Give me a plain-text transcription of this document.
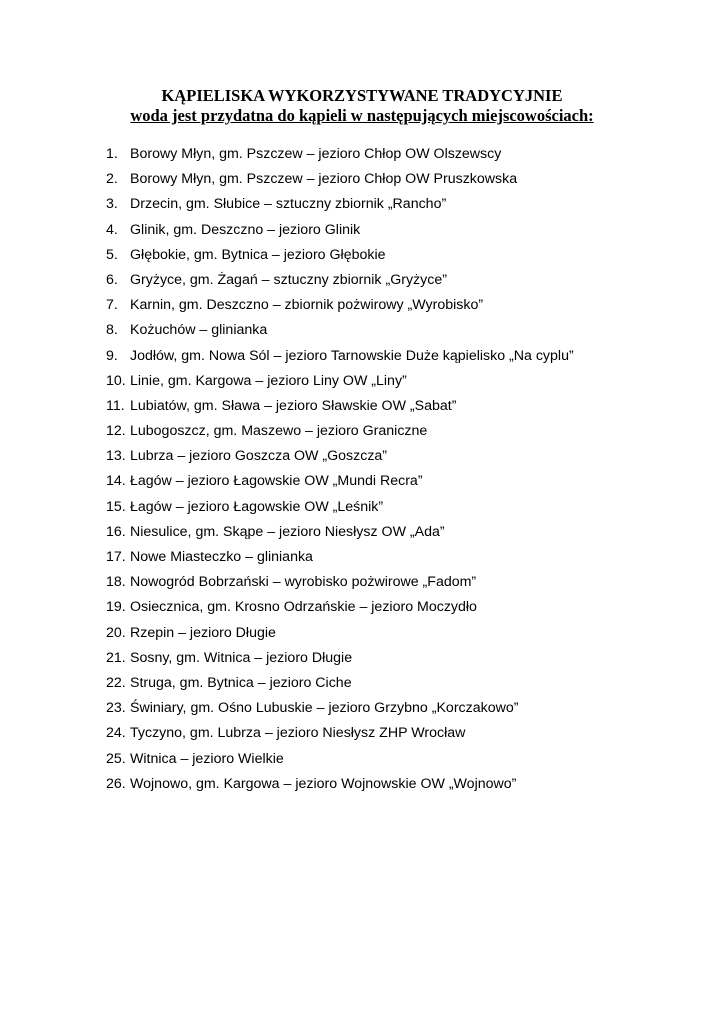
KĄPIELISKA WYKORZYSTYWANE TRADYCYJNIE
woda jest przydatna do kąpieli w następujących miejscowościach:
1. Borowy Młyn, gm. Pszczew – jezioro Chłop OW Olszewscy
2. Borowy Młyn, gm. Pszczew – jezioro Chłop OW Pruszkowska
3. Drzecin, gm. Słubice – sztuczny zbiornik „Rancho”
4. Glinik, gm. Deszczno – jezioro Glinik
5. Głębokie, gm. Bytnica – jezioro Głębokie
6. Gryżyce, gm. Żagań – sztuczny zbiornik „Gryżyce”
7. Karnin, gm. Deszczno – zbiornik pożwirowy „Wyrobisko”
8. Kożuchów – glinianka
9. Jodłów, gm. Nowa Sól – jezioro Tarnowskie Duże kąpielisko „Na cyplu”
10. Linie, gm. Kargowa – jezioro Liny OW „Liny”
11. Lubiatów, gm. Sława – jezioro Sławskie OW „Sabat”
12. Lubogoszcz, gm. Maszewo – jezioro Graniczne
13. Lubrza – jezioro Goszcza OW „Goszcza”
14. Łagów – jezioro Łagowskie OW „Mundi Recra”
15. Łagów – jezioro Łagowskie OW „Leśnik”
16. Niesulice, gm. Skąpe – jezioro Niesłysz OW „Ada”
17. Nowe Miasteczko – glinianka
18. Nowogród Bobrzański – wyrobisko pożwirowe „Fadom”
19. Osiecznica, gm. Krosno Odrzańskie – jezioro Moczydło
20. Rzepin – jezioro Długie
21. Sosny, gm. Witnica – jezioro Długie
22. Struga, gm. Bytnica – jezioro Ciche
23. Świniary, gm. Ośno Lubuskie – jezioro Grzybno „Korczakowo”
24. Tyczyno, gm. Lubrza – jezioro Niesłysz ZHP Wrocław
25. Witnica – jezioro Wielkie
26. Wojnowo, gm. Kargowa – jezioro Wojnowskie OW „Wojnowo”
